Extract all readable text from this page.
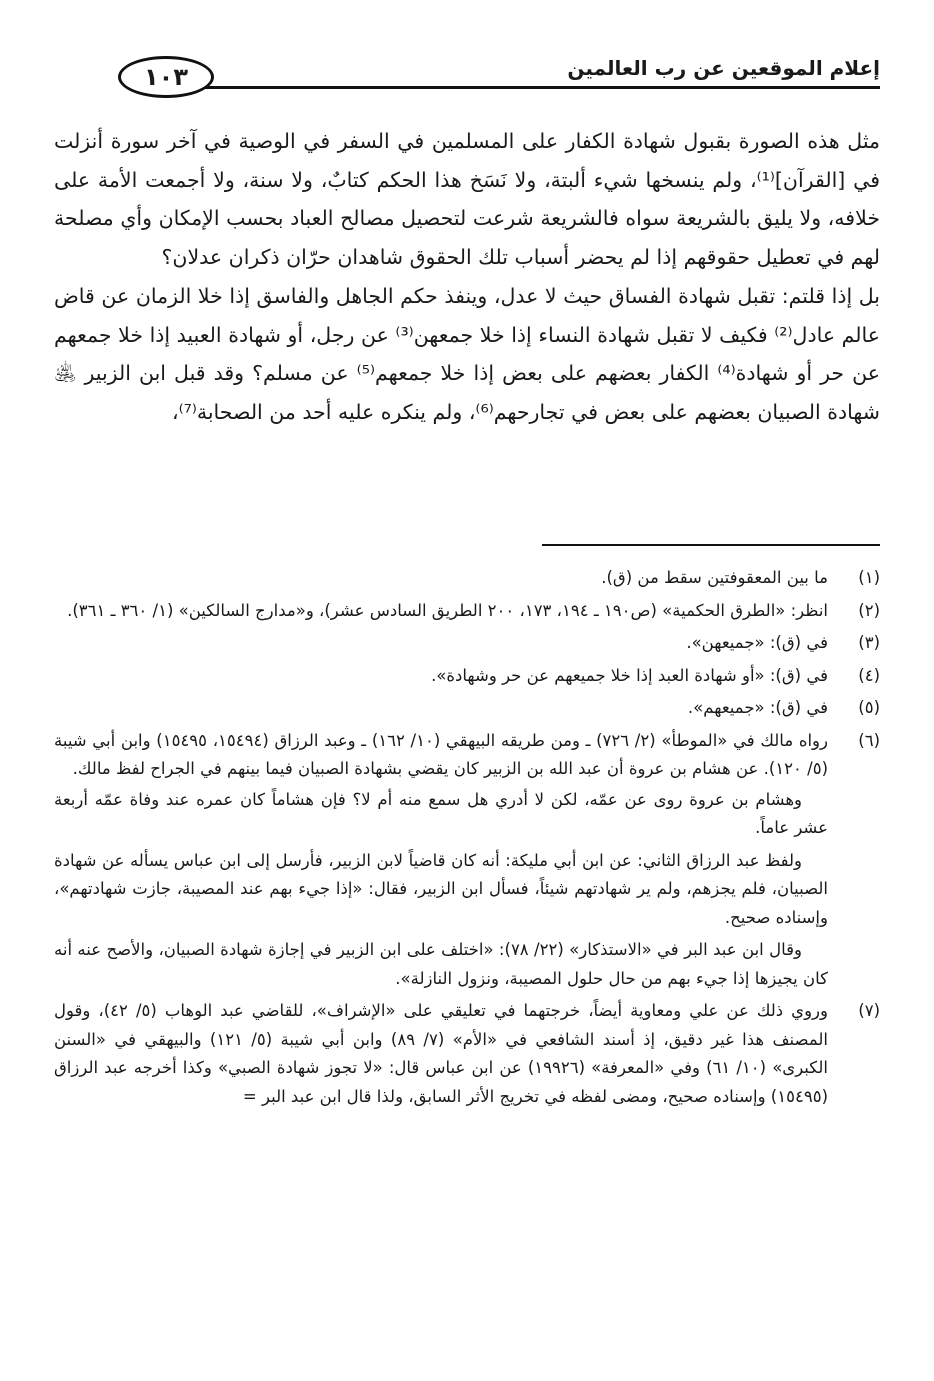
إعلام الموقعين عن رب العالمين
١٠٣

مثل هذه الصورة بقبول شهادة الكفار على المسلمين في السفر في الوصية في آخر سورة أنزلت في [القرآن]⁽¹⁾، ولم ينسخها شيء ألبتة، ولا نَسَخ هذا الحكم كتابٌ، ولا سنة، ولا أجمعت الأمة على خلافه، ولا يليق بالشريعة سواه فالشريعة شرعت لتحصيل مصالح العباد بحسب الإمكان وأي مصلحة لهم في تعطيل حقوقهم إذا لم يحضر أسباب تلك الحقوق شاهدان حرّان ذكران عدلان؟

بل إذا قلتم: تقبل شهادة الفساق حيث لا عدل، وينفذ حكم الجاهل والفاسق إذا خلا الزمان عن قاض عالم عادل⁽²⁾ فكيف لا تقبل شهادة النساء إذا خلا جمعهن⁽³⁾ عن رجل، أو شهادة العبيد إذا خلا جمعهم عن حر أو شهادة⁽⁴⁾ الكفار بعضهم على بعض إذا خلا جمعهم⁽⁵⁾ عن مسلم؟ وقد قبل ابن الزبير ﵁ شهادة الصبيان بعضهم على بعض في تجارحهم⁽⁶⁾، ولم ينكره عليه أحد من الصحابة⁽⁷⁾،

(١)
ما بين المعقوفتين سقط من (ق).
(٢)
انظر: «الطرق الحكمية» (ص١٩٠ ـ ١٩٤، ١٧٣، ٢٠٠ الطريق السادس عشر)، و«مدارج السالكين» (١/ ٣٦٠ ـ ٣٦١).
(٣)
في (ق): «جميعهن».
(٤)
في (ق): «أو شهادة العبد إذا خلا جميعهم عن حر وشهادة».
(٥)
في (ق): «جميعهم».
(٦)
رواه مالك في «الموطأ» (٢/ ٧٢٦) ـ ومن طريقه البيهقي (١٠/ ١٦٢) ـ وعبد الرزاق (١٥٤٩٤، ١٥٤٩٥) وابن أبي شيبة (٥/ ١٢٠). عن هشام بن عروة أن عبد الله بن الزبير كان يقضي بشهادة الصبيان فيما بينهم في الجراح لفظ مالك.
وهشام بن عروة روى عن عمّه، لكن لا أدري هل سمع منه أم لا؟ فإن هشاماً كان عمره عند وفاة عمّه أربعة عشر عاماً.
ولفظ عبد الرزاق الثاني: عن ابن أبي مليكة: أنه كان قاضياً لابن الزبير، فأرسل إلى ابن عباس يسأله عن شهادة الصبيان، فلم يجزهم، ولم ير شهادتهم شيئاً، فسأل ابن الزبير، فقال: «إذا جيء بهم عند المصيبة، جازت شهادتهم»، وإسناده صحيح.
وقال ابن عبد البر في «الاستذكار» (٢٢/ ٧٨): «اختلف على ابن الزبير في إجازة شهادة الصبيان، والأصح عنه أنه كان يجيزها إذا جيء بهم من حال حلول المصيبة، ونزول النازلة».
(٧)
وروي ذلك عن علي ومعاوية أيضاً، خرجتهما في تعليقي على «الإشراف»، للقاضي عبد الوهاب (٥/ ٤٢)، وقول المصنف هذا غير دقيق، إذ أسند الشافعي في «الأم» (٧/ ٨٩) وابن أبي شيبة (٥/ ١٢١) والبيهقي في «السنن الكبرى» (١٠/ ٦١) وفي «المعرفة» (١٩٩٢٦) عن ابن عباس قال: «لا تجوز شهادة الصبي» وكذا أخرجه عبد الرزاق (١٥٤٩٥) وإسناده صحيح، ومضى لفظه في تخريج الأثر السابق، ولذا قال ابن عبد البر =
